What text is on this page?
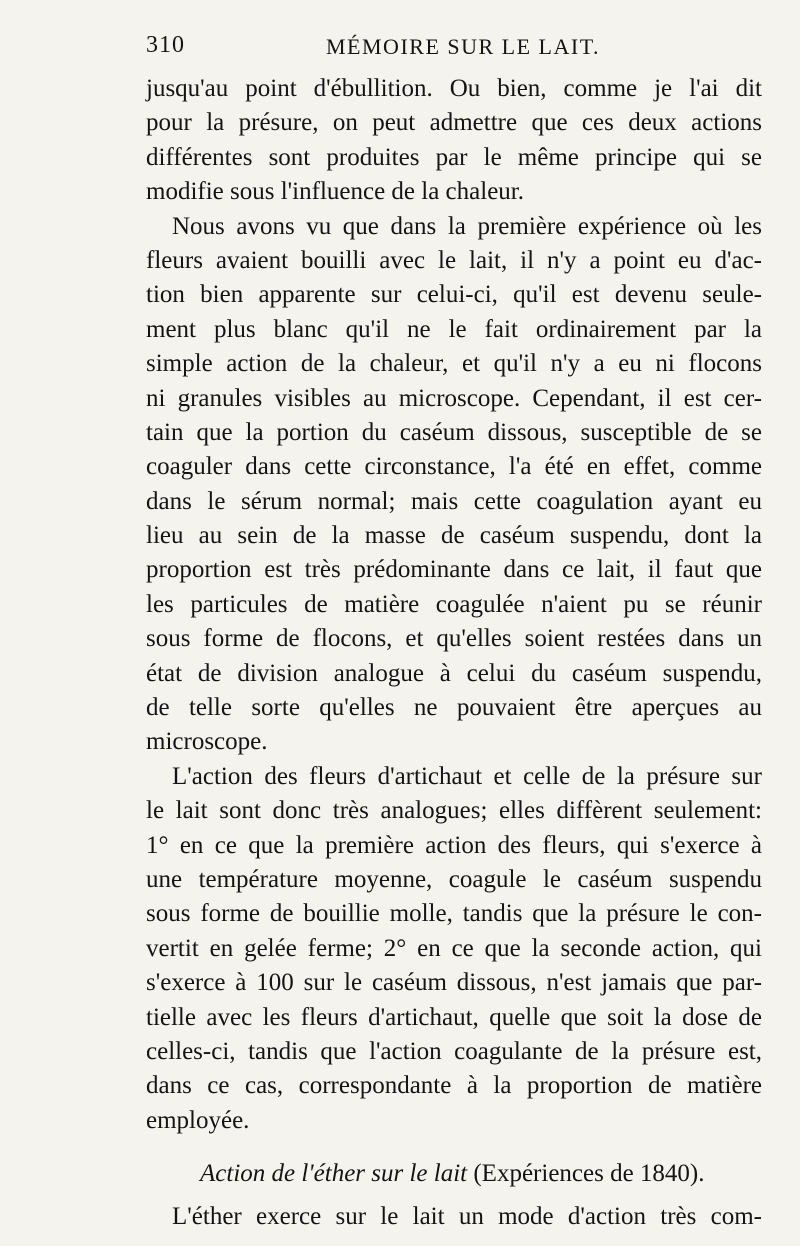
310	MÉMOIRE SUR LE LAIT.
jusqu'au point d'ébullition. Ou bien, comme je l'ai dit
pour la présure, on peut admettre que ces deux actions
différentes sont produites par le même principe qui se
modifie sous l'influence de la chaleur.
Nous avons vu que dans la première expérience où les
fleurs avaient bouilli avec le lait, il n'y a point eu d'ac-
tion bien apparente sur celui-ci, qu'il est devenu seule-
ment plus blanc qu'il ne le fait ordinairement par la
simple action de la chaleur, et qu'il n'y a eu ni flocons
ni granules visibles au microscope. Cependant, il est cer-
tain que la portion du caséum dissous, susceptible de se
coaguler dans cette circonstance, l'a été en effet, comme
dans le sérum normal; mais cette coagulation ayant eu
lieu au sein de la masse de caséum suspendu, dont la
proportion est très prédominante dans ce lait, il faut que
les particules de matière coagulée n'aient pu se réunir
sous forme de flocons, et qu'elles soient restées dans un
état de division analogue à celui du caséum suspendu,
de telle sorte qu'elles ne pouvaient être aperçues au
microscope.
L'action des fleurs d'artichaut et celle de la présure sur
le lait sont donc très analogues; elles diffèrent seulement:
1° en ce que la première action des fleurs, qui s'exerce à
une température moyenne, coagule le caséum suspendu
sous forme de bouillie molle, tandis que la présure le con-
vertit en gelée ferme; 2° en ce que la seconde action, qui
s'exerce à 100 sur le caséum dissous, n'est jamais que par-
tielle avec les fleurs d'artichaut, quelle que soit la dose de
celles-ci, tandis que l'action coagulante de la présure est,
dans ce cas, correspondante à la proportion de matière
employée.
Action de l'éther sur le lait (Expériences de 1840).
L'éther exerce sur le lait un mode d'action très com-
